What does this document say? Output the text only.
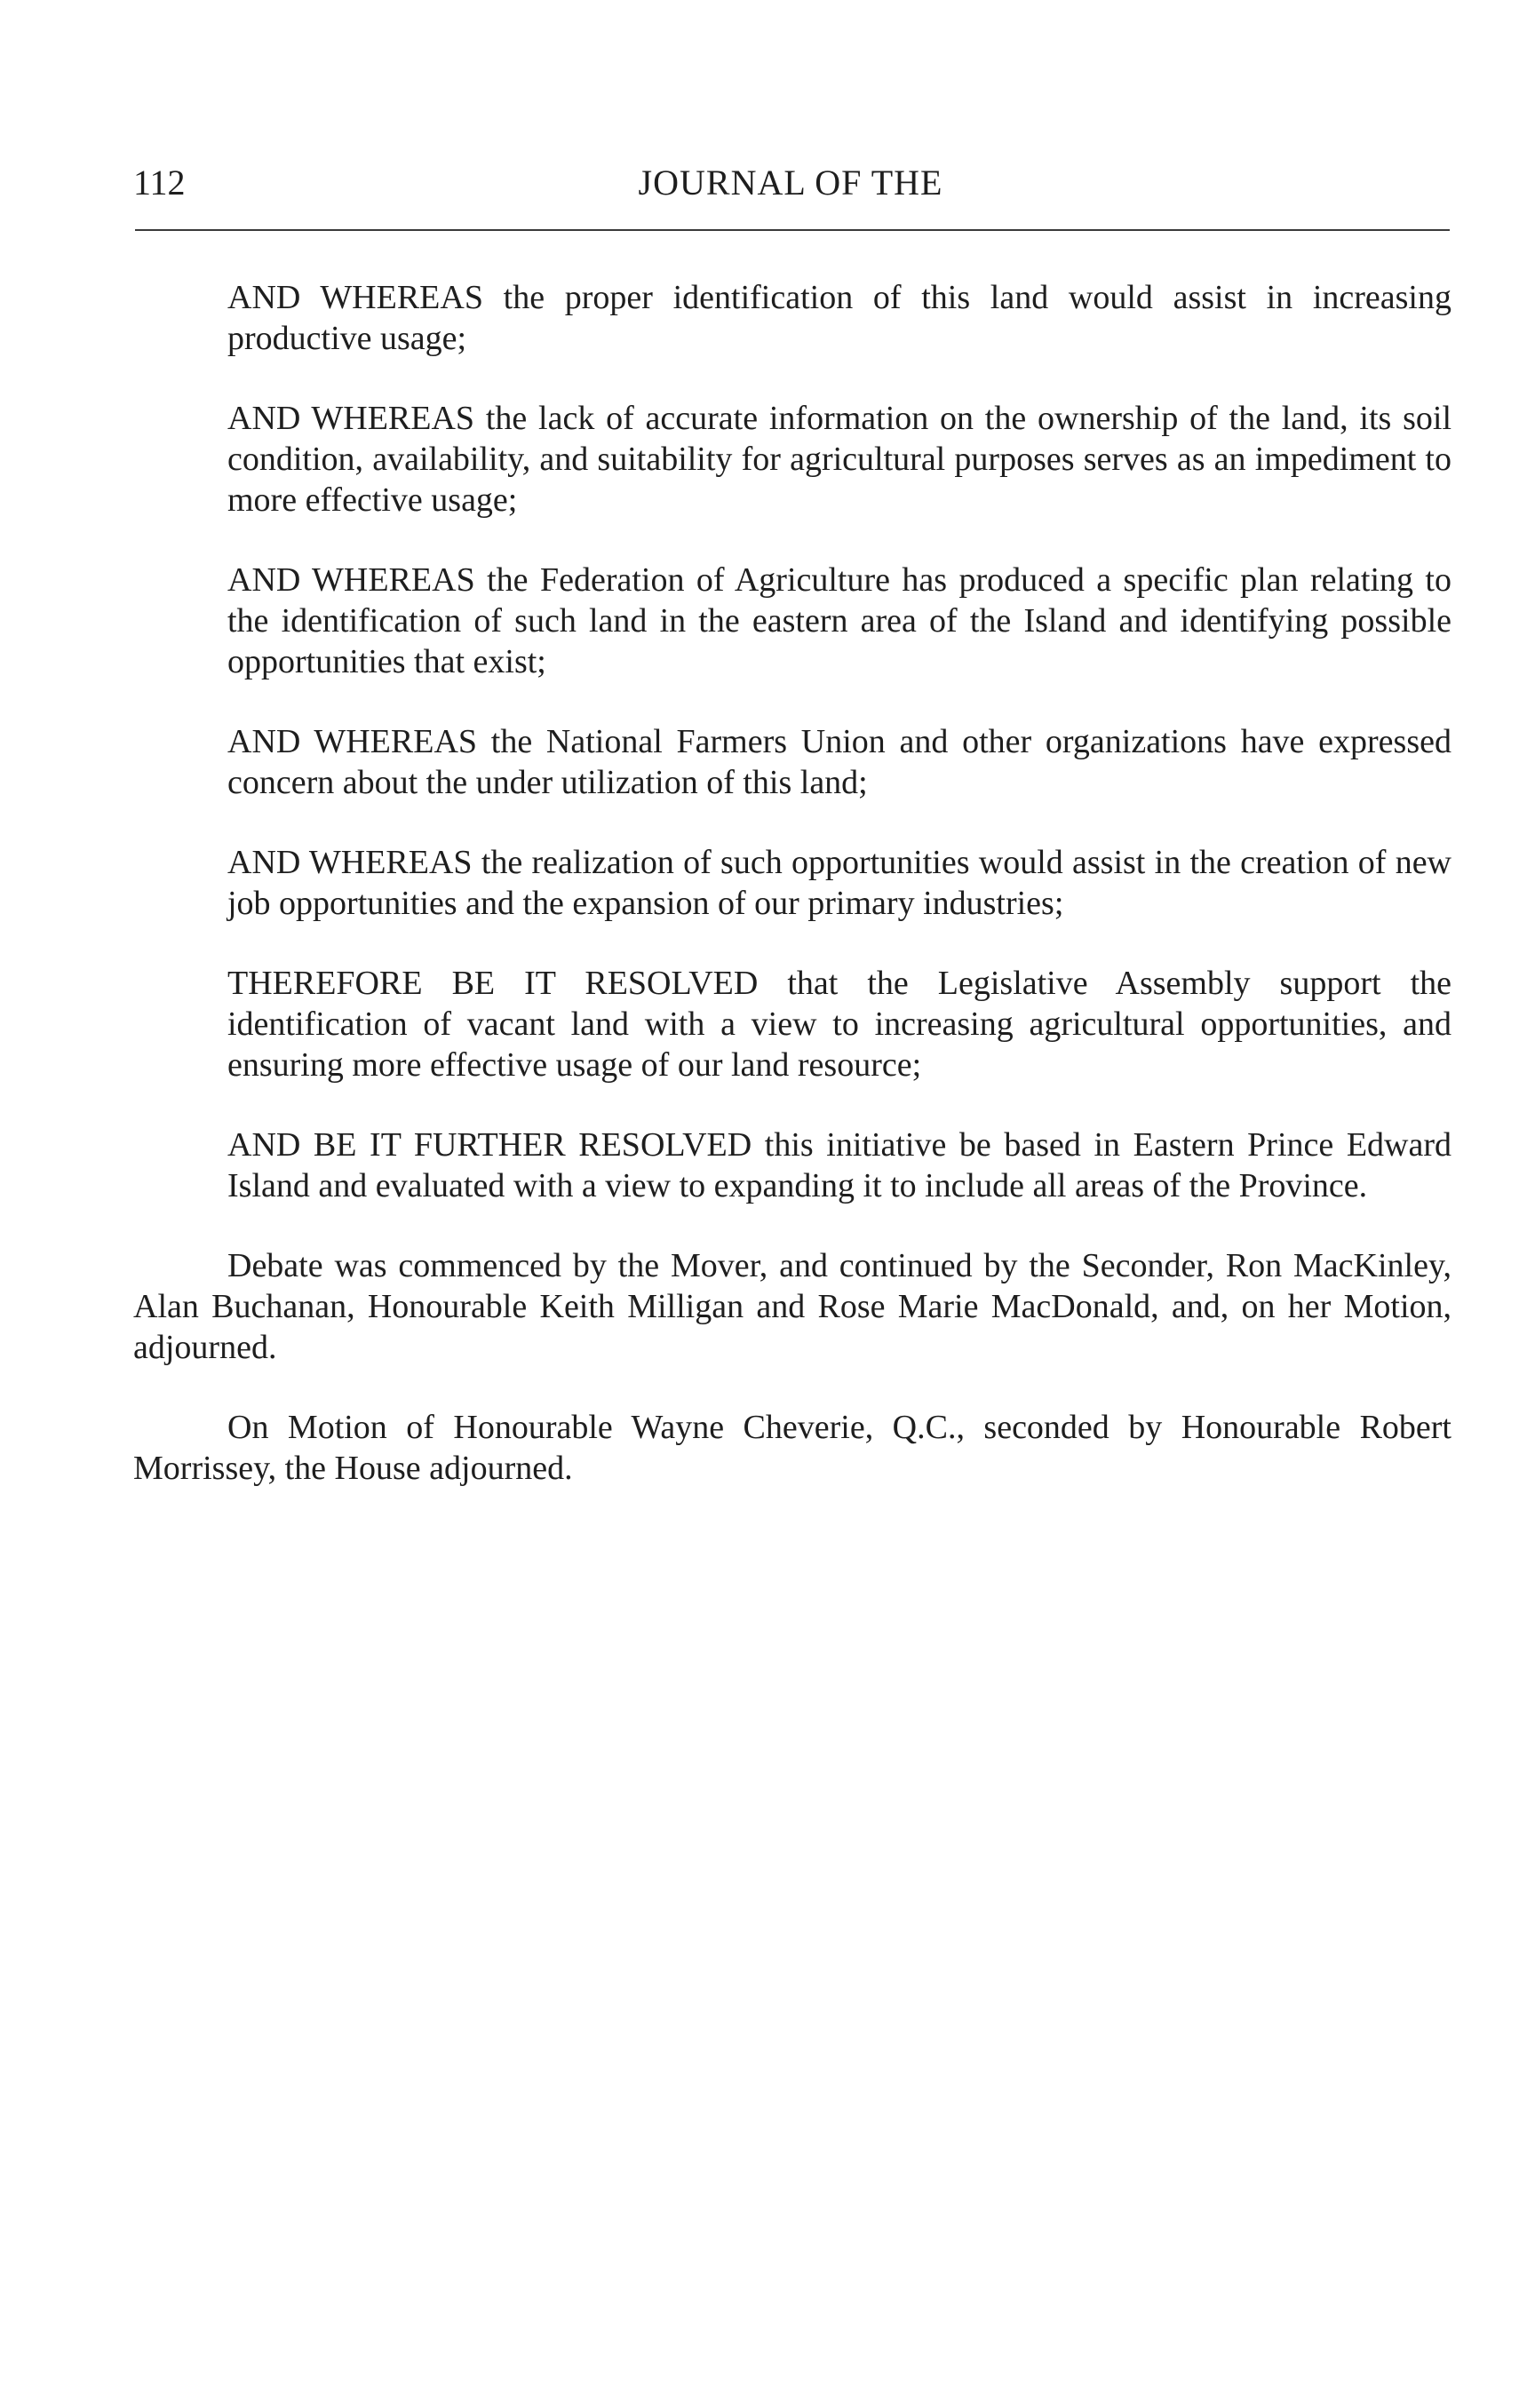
112	JOURNAL OF THE

AND WHEREAS the proper identification of this land would assist in increasing productive usage;

AND WHEREAS the lack of accurate information on the ownership of the land, its soil condition, availability, and suitability for agricultural purposes serves as an impediment to more effective usage;

AND WHEREAS the Federation of Agriculture has produced a specific plan relating to the identification of such land in the eastern area of the Island and identifying possible opportunities that exist;

AND WHEREAS the National Farmers Union and other organizations have expressed concern about the under utilization of this land;

AND WHEREAS the realization of such opportunities would assist in the creation of new job opportunities and the expansion of our primary industries;

THEREFORE BE IT RESOLVED that the Legislative Assembly support the identification of vacant land with a view to increasing agricultural opportunities, and ensuring more effective usage of our land resource;

AND BE IT FURTHER RESOLVED this initiative be based in Eastern Prince Edward Island and evaluated with a view to expanding it to include all areas of the Province.

Debate was commenced by the Mover, and continued by the Seconder, Ron MacKinley, Alan Buchanan, Honourable Keith Milligan and Rose Marie MacDonald, and, on her Motion, adjourned.

On Motion of Honourable Wayne Cheverie, Q.C., seconded by Honourable Robert Morrissey, the House adjourned.
